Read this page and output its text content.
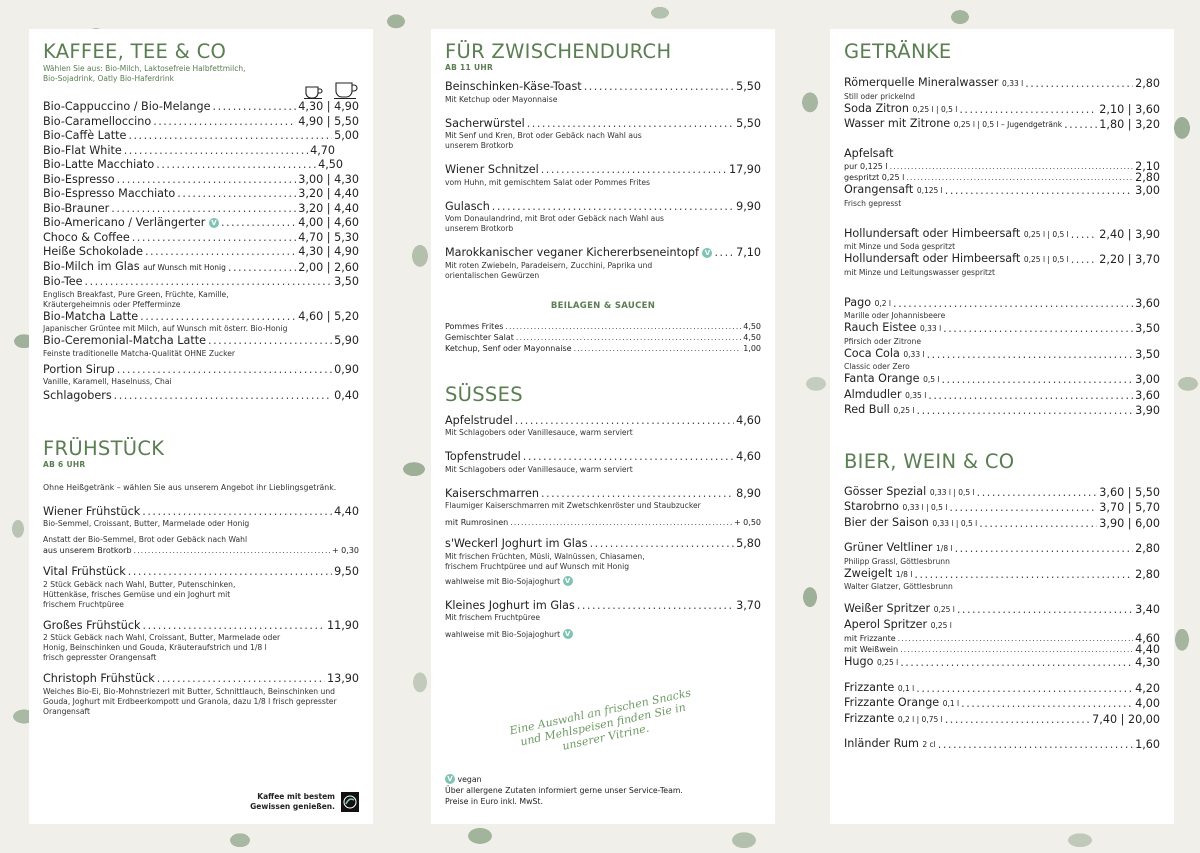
KAFFEE, TEE & CO
Wählen Sie aus: Bio-Milch, Laktosefreie Halbfettmilch,
Bio-Sojadrink, Oatly Bio-Haferdrink
Bio-Cappuccino / Bio-Melange .....	4,30 | 4,90
Bio-Caramelloccino .....	4,90 | 5,50
Bio-Caffè Latte .....	5,00
Bio-Flat White .....	4,70
Bio-Latte Macchiato .....	4,50
Bio-Espresso .....	3,00 | 4,30
Bio-Espresso Macchiato .....	3,20 | 4,40
Bio-Brauner .....	3,20 | 4,40
Bio-Americano / Verlängerter V .....	4,00 | 4,60
Choco & Coffee .....	4,70 | 5,30
Heiße Schokolade .....	4,30 | 4,90
Bio-Milch im Glas auf Wunsch mit Honig .....	2,00 | 2,60
Bio-Tee .....	3,50
Englisch Breakfast, Pure Green, Früchte, Kamille, Kräutergeheimnis oder Pfefferminze
Bio-Matcha Latte .....	4,60 | 5,20
Japanischer Grüntee mit Milch, auf Wunsch mit österr. Bio-Honig
Bio-Ceremonial-Matcha Latte .....	5,90
Feinste traditionelle Matcha-Qualität OHNE Zucker
Portion Sirup .....	0,90
Vanille, Karamell, Haselnuss, Chai
Schlagobers .....	0,40
FRÜHSTÜCK
AB 6 UHR
Ohne Heißgetränk – wählen Sie aus unserem Angebot ihr Lieblingsgetränk.
Wiener Frühstück .....	4,40
Bio-Semmel, Croissant, Butter, Marmelade oder Honig
Anstatt der Bio-Semmel, Brot oder Gebäck nach Wahl
aus unserem Brotkorb .....	+ 0,30
Vital Frühstück .....	9,50
2 Stück Gebäck nach Wahl, Butter, Putenschinken, Hüttenkäse, frisches Gemüse und ein Joghurt mit frischem Fruchtpüree
Großes Frühstück .....	11,90
2 Stück Gebäck nach Wahl, Croissant, Butter, Marmelade oder Honig, Beinschinken und Gouda, Kräuteraufstrich und 1/8 l frisch gepresster Orangensaft
Christoph Frühstück .....	13,90
Weiches Bio-Ei, Bio-Mohnstriezerl mit Butter, Schnittlauch, Beinschinken und Gouda, Joghurt mit Erdbeerkompott und Granola, dazu 1/8 l frisch gepresster Orangensaft
Kaffee mit bestem
Gewissen genießen.
FÜR ZWISCHENDURCH
AB 11 UHR
Beinschinken-Käse-Toast .....	5,50
Mit Ketchup oder Mayonnaise
Sacherwürstel .....	5,50
Mit Senf und Kren, Brot oder Gebäck nach Wahl aus unserem Brotkorb
Wiener Schnitzel .....	17,90
vom Huhn, mit gemischtem Salat oder Pommes Frites
Gulasch .....	9,90
Vom Donaulandrind, mit Brot oder Gebäck nach Wahl aus unserem Brotkorb
Marokkanischer veganer Kichererbseneintopf V ..... 7,10
Mit roten Zwiebeln, Paradeisern, Zucchini, Paprika und orientalischen Gewürzen
BEILAGEN & SAUCEN
Pommes Frites .....	4,50
Gemischter Salat .....	4,50
Ketchup, Senf oder Mayonnaise .....	1,00
SÜSSES
Apfelstrudel .....	4,60
Mit Schlagobers oder Vanillesauce, warm serviert
Topfenstrudel .....	4,60
Mit Schlagobers oder Vanillesauce, warm serviert
Kaiserschmarren .....	8,90
Flaumiger Kaiserschmarren mit Zwetschkenröster und Staubzucker
mit Rumrosinen .....	+ 0,50
s'Weckerl Joghurt im Glas .....	5,80
Mit frischen Früchten, Müsli, Walnüssen, Chiasamen, frischem Fruchtpüree und auf Wunsch mit Honig
wahlweise mit Bio-Sojajoghurt V
Kleines Joghurt im Glas .....	3,70
Mit frischem Fruchtpüree
wahlweise mit Bio-Sojajoghurt V
Eine Auswahl an frischen Snacks und Mehlspeisen finden Sie in unserer Vitrine.
V vegan
Über allergene Zutaten informiert gerne unser Service-Team.
Preise in Euro inkl. MwSt.
GETRÄNKE
Römerquelle Mineralwasser 0,33 l .....	2,80
Still oder prickelnd
Soda Zitron 0,25 l | 0,5 l .....	2,10 | 3,60
Wasser mit Zitrone 0,25 l | 0,5 l – Jugendgetränk .....	1,80 | 3,20
Apfelsaft
pur 0,125 l .....	2,10
gespritzt 0,25 l .....	2,80
Orangensaft 0,125 l .....	3,00
Frisch gepresst
Hollundersaft oder Himbeersaft 0,25 l | 0,5 l .....	2,40 | 3,90
mit Minze und Soda gespritzt
Hollundersaft oder Himbeersaft 0,25 l | 0,5 l .....	2,20 | 3,70
mit Minze und Leitungswasser gespritzt
Pago 0,2 l .....	3,60
Marille oder Johannisbeere
Rauch Eistee 0,33 l .....	3,50
Pfirsich oder Zitrone
Coca Cola 0,33 l .....	3,50
Classic oder Zero
Fanta Orange 0,5 l .....	3,00
Almdudler 0,35 l .....	3,60
Red Bull 0,25 l .....	3,90
BIER, WEIN & CO
Gösser Spezial 0,33 l | 0,5 l .....	3,60 | 5,50
Starobrno 0,33 l | 0,5 l .....	3,70 | 5,70
Bier der Saison 0,33 l | 0,5 l .....	3,90 | 6,00
Grüner Veltliner 1/8 l .....	2,80
Philipp Grassl, Göttlesbrunn
Zweigelt 1/8 l .....	2,80
Walter Glatzer, Göttlesbrunn
Weißer Spritzer 0,25 l .....	3,40
Aperol Spritzer 0,25 l
mit Frizzante .....	4,60
mit Weißwein .....	4,40
Hugo 0,25 l .....	4,30
Frizzante 0,1 l .....	4,20
Frizzante Orange 0,1 l .....	4,00
Frizzante 0,2 l | 0,75 l .....	7,40 | 20,00
Inländer Rum 2 cl .....	1,60
